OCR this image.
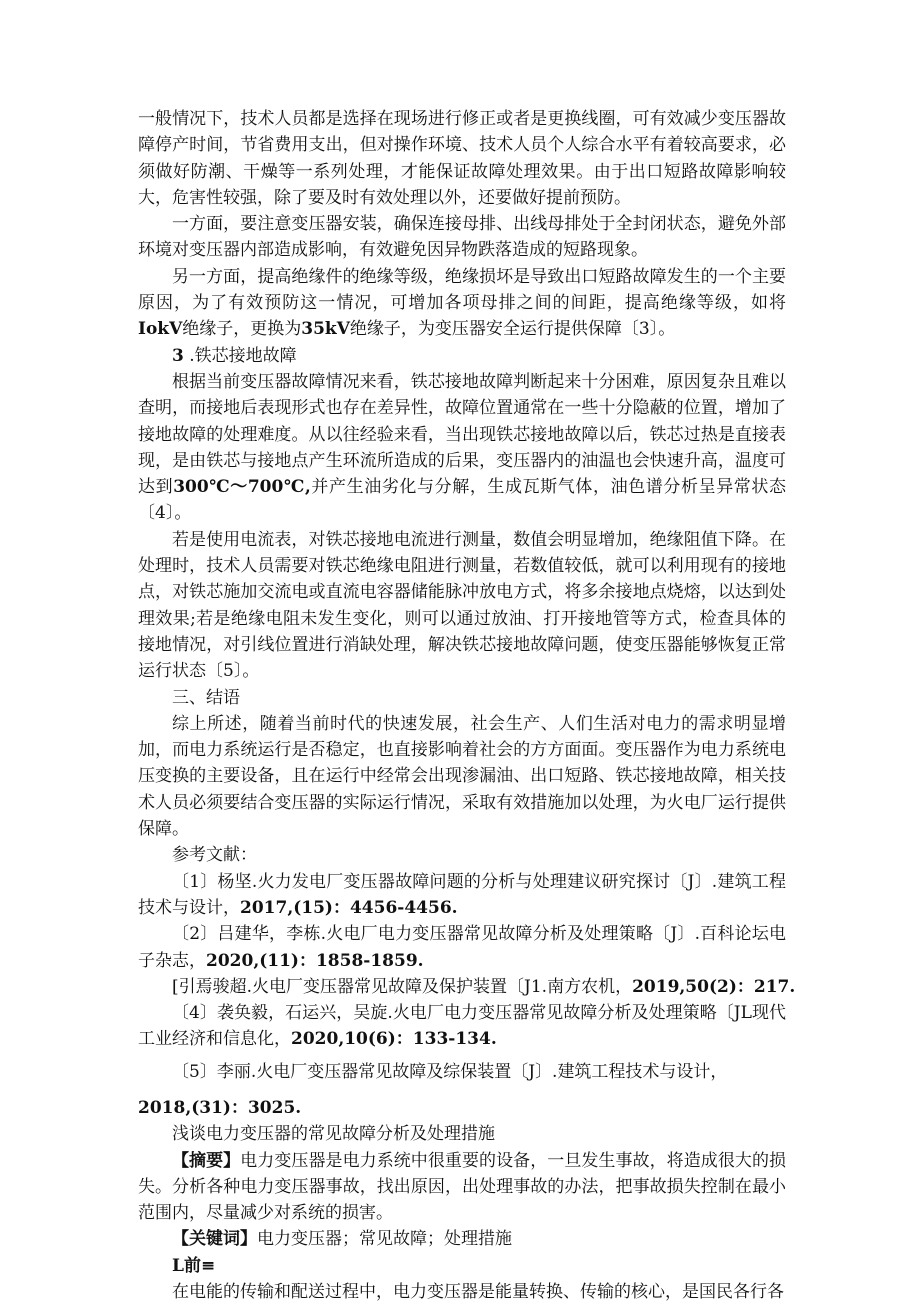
一般情况下，技术人员都是选择在现场进行修正或者是更换线圈，可有效减少变压器故障停产时间，节省费用支出，但对操作环境、技术人员个人综合水平有着较高要求，必须做好防潮、干燥等一系列处理，才能保证故障处理效果。由于出口短路故障影响较大，危害性较强，除了要及时有效处理以外，还要做好提前预防。

一方面，要注意变压器安装，确保连接母排、出线母排处于全封闭状态，避免外部环境对变压器内部造成影响，有效避免因异物跌落造成的短路现象。

另一方面，提高绝缘件的绝缘等级，绝缘损坏是导致出口短路故障发生的一个主要原因，为了有效预防这一情况，可增加各项母排之间的间距，提高绝缘等级，如将IokV绝缘子，更换为35kV绝缘子，为变压器安全运行提供保障〔3〕。

3 .铁芯接地故障

根据当前变压器故障情况来看，铁芯接地故障判断起来十分困难，原因复杂且难以查明，而接地后表现形式也存在差异性，故障位置通常在一些十分隐蔽的位置，增加了接地故障的处理难度。从以往经验来看，当出现铁芯接地故障以后，铁芯过热是直接表现，是由铁芯与接地点产生环流所造成的后果，变压器内的油温也会快速升高，温度可达到300℃～700℃,并产生油劣化与分解，生成瓦斯气体，油色谱分析呈异常状态〔4〕。

若是使用电流表，对铁芯接地电流进行测量，数值会明显增加，绝缘阻值下降。在处理时，技术人员需要对铁芯绝缘电阻进行测量，若数值较低，就可以利用现有的接地点，对铁芯施加交流电或直流电容器储能脉冲放电方式，将多余接地点烧熔，以达到处理效果;若是绝缘电阻未发生变化，则可以通过放油、打开接地管等方式，检查具体的接地情况，对引线位置进行消缺处理，解决铁芯接地故障问题，使变压器能够恢复正常运行状态〔5〕。

三、结语

综上所述，随着当前时代的快速发展，社会生产、人们生活对电力的需求明显增加，而电力系统运行是否稳定，也直接影响着社会的方方面面。变压器作为电力系统电压变换的主要设备，且在运行中经常会出现渗漏油、出口短路、铁芯接地故障，相关技术人员必须要结合变压器的实际运行情况，采取有效措施加以处理，为火电厂运行提供保障。

参考文献：

〔1〕杨坚.火力发电厂变压器故障问题的分析与处理建议研究探讨〔J〕.建筑工程技术与设计，2017,(15)：4456-4456.

〔2〕吕建华，李栋.火电厂电力变压器常见故障分析及处理策略〔J〕.百科论坛电子杂志，2020,(11)：1858-1859.

[引焉骏超.火电厂变压器常见故障及保护装置〔J1.南方农机，2019,50(2)：217.

〔4〕袭奂毅，石运兴，吴旋.火电厂电力变压器常见故障分析及处理策略〔JL现代工业经济和信息化，2020,10(6)：133-134.

〔5〕李丽.火电厂变压器常见故障及综保装置〔J〕.建筑工程技术与设计，
2018,(31)：3025.

浅谈电力变压器的常见故障分析及处理措施

【摘要】电力变压器是电力系统中很重要的设备，一旦发生事故，将造成很大的损失。分析各种电力变压器事故，找出原因，出处理事故的办法，把事故损失控制在最小范围内，尽量减少对系统的损害。

【关键词】电力变压器；常见故障；处理措施

L前≡

在电能的传输和配送过程中，电力变压器是能量转换、传输的核心，是国民各行各
